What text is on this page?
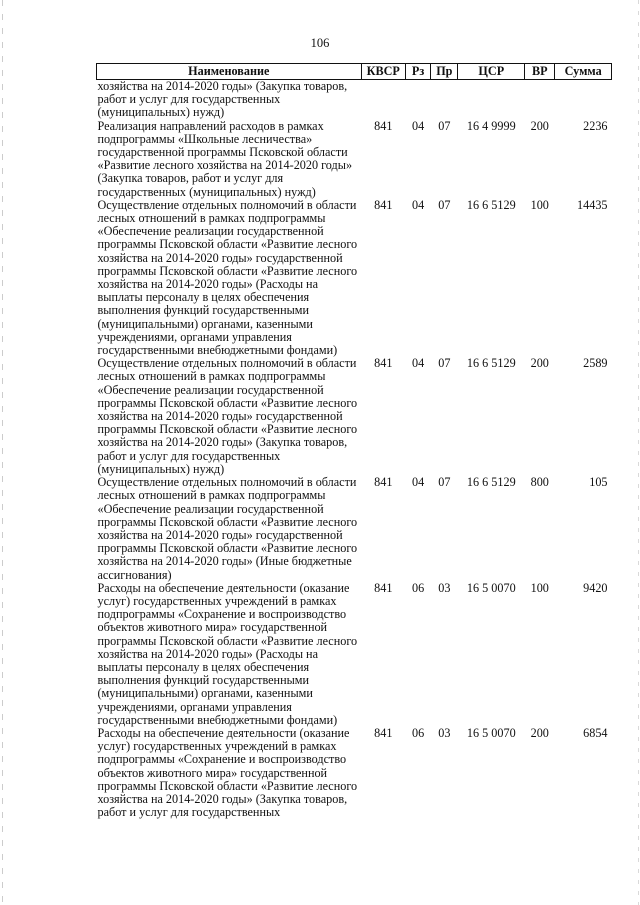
106
Наименование	КВСР	Рз	Пр	ЦСР	ВР	Сумма
хозяйства на 2014-2020 годы» (Закупка товаров, работ и услуг для государственных (муниципальных) нужд)						
Реализация направлений расходов в рамках подпрограммы «Школьные лесничества» государственной программы Псковской области «Развитие лесного хозяйства на 2014-2020 годы» (Закупка товаров, работ и услуг для государственных (муниципальных) нужд)	841	04	07	16 4 9999	200	2236
Осуществление отдельных полномочий в области лесных отношений в рамках подпрограммы «Обеспечение реализации государственной программы Псковской области «Развитие лесного хозяйства на 2014-2020 годы» государственной программы Псковской области «Развитие лесного хозяйства на 2014-2020 годы» (Расходы на выплаты персоналу в целях обеспечения выполнения функций государственными (муниципальными) органами, казенными учреждениями, органами управления государственными внебюджетными фондами)	841	04	07	16 6 5129	100	14435
Осуществление отдельных полномочий в области лесных отношений в рамках подпрограммы «Обеспечение реализации государственной программы Псковской области «Развитие лесного хозяйства на 2014-2020 годы» государственной программы Псковской области «Развитие лесного хозяйства на 2014-2020 годы» (Закупка товаров, работ и услуг для государственных (муниципальных) нужд)	841	04	07	16 6 5129	200	2589
Осуществление отдельных полномочий в области лесных отношений в рамках подпрограммы «Обеспечение реализации государственной программы Псковской области «Развитие лесного хозяйства на 2014-2020 годы» государственной программы Псковской области «Развитие лесного хозяйства на 2014-2020 годы» (Иные бюджетные ассигнования)	841	04	07	16 6 5129	800	105
Расходы на обеспечение деятельности (оказание услуг) государственных учреждений в рамках подпрограммы «Сохранение и воспроизводство объектов животного мира» государственной программы Псковской области «Развитие лесного хозяйства на 2014-2020 годы» (Расходы на выплаты персоналу в целях обеспечения выполнения функций государственными (муниципальными) органами, казенными учреждениями, органами управления государственными внебюджетными фондами)	841	06	03	16 5 0070	100	9420
Расходы на обеспечение деятельности (оказание услуг) государственных учреждений в рамках подпрограммы «Сохранение и воспроизводство объектов животного мира» государственной программы Псковской области «Развитие лесного хозяйства на 2014-2020 годы» (Закупка товаров, работ и услуг для государственных	841	06	03	16 5 0070	200	6854
